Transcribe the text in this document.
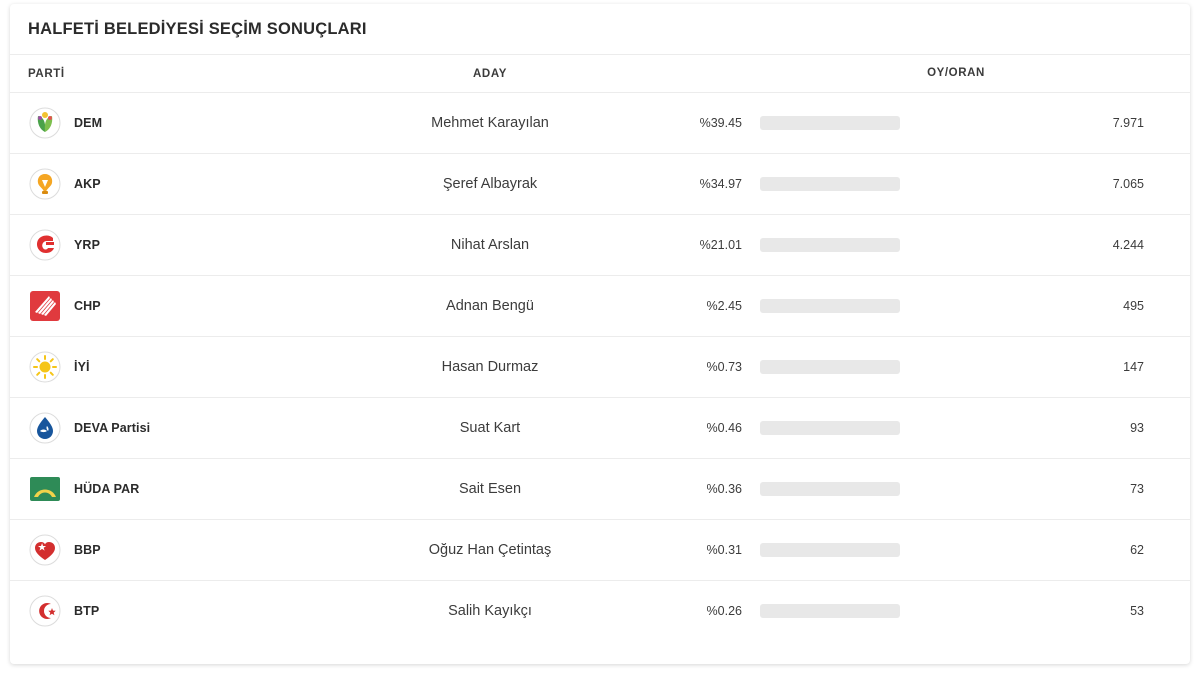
HALFETİ BELEDİYESİ SEÇİM SONUÇLARI
PARTİ	ADAY	OY/ORAN
DEM	Mehmet Karayılan	%39.45	7.971
AKP	Şeref Albayrak	%34.97	7.065
YRP	Nihat Arslan	%21.01	4.244
CHP	Adnan Bengü	%2.45	495
İYİ	Hasan Durmaz	%0.73	147
DEVA Partisi	Suat Kart	%0.46	93
HÜDA PAR	Sait Esen	%0.36	73
BBP	Oğuz Han Çetintaş	%0.31	62
BTP	Salih Kayıkçı	%0.26	53
